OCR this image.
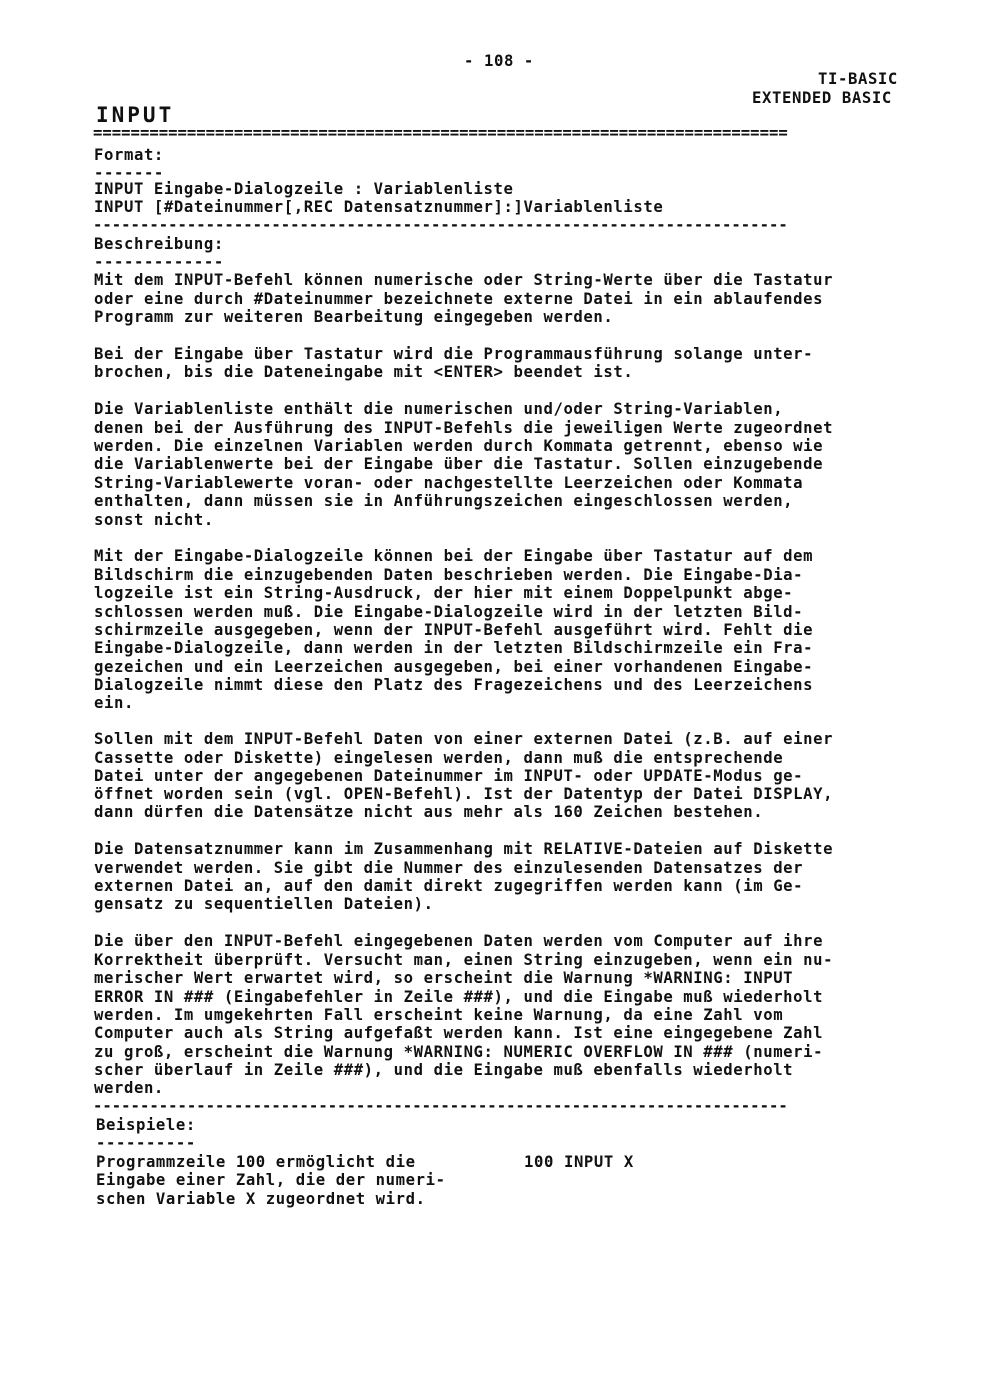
- 108 -
TI-BASIC
EXTENDED BASIC
INPUT
==========================================================================
Format:
-------
INPUT Eingabe-Dialogzeile : Variablenliste
INPUT [#Dateinummer[,REC Datensatznummer]:]Variablenliste
--------------------------------------------------------------------------
Beschreibung:
-------------
Mit dem INPUT-Befehl können numerische oder String-Werte über die Tastatur
oder eine durch #Dateinummer bezeichnete externe Datei in ein ablaufendes
Programm zur weiteren Bearbeitung eingegeben werden.
Bei der Eingabe über Tastatur wird die Programmausführung solange unter-
brochen, bis die Dateneingabe mit <ENTER> beendet ist.
Die Variablenliste enthält die numerischen und/oder String-Variablen,
denen bei der Ausführung des INPUT-Befehls die jeweiligen Werte zugeordnet
werden. Die einzelnen Variablen werden durch Kommata getrennt, ebenso wie
die Variablenwerte bei der Eingabe über die Tastatur. Sollen einzugebende
String-Variablewerte voran- oder nachgestellte Leerzeichen oder Kommata
enthalten, dann müssen sie in Anführungszeichen eingeschlossen werden,
sonst nicht.
Mit der Eingabe-Dialogzeile können bei der Eingabe über Tastatur auf dem
Bildschirm die einzugebenden Daten beschrieben werden. Die Eingabe-Dia-
logzeile ist ein String-Ausdruck, der hier mit einem Doppelpunkt abge-
schlossen werden muß. Die Eingabe-Dialogzeile wird in der letzten Bild-
schirmzeile ausgegeben, wenn der INPUT-Befehl ausgeführt wird. Fehlt die
Eingabe-Dialogzeile, dann werden in der letzten Bildschirmzeile ein Fra-
gezeichen und ein Leerzeichen ausgegeben, bei einer vorhandenen Eingabe-
Dialogzeile nimmt diese den Platz des Fragezeichens und des Leerzeichens
ein.
Sollen mit dem INPUT-Befehl Daten von einer externen Datei (z.B. auf einer
Cassette oder Diskette) eingelesen werden, dann muß die entsprechende
Datei unter der angegebenen Dateinummer im INPUT- oder UPDATE-Modus ge-
öffnet worden sein (vgl. OPEN-Befehl). Ist der Datentyp der Datei DISPLAY,
dann dürfen die Datensätze nicht aus mehr als 160 Zeichen bestehen.
Die Datensatznummer kann im Zusammenhang mit RELATIVE-Dateien auf Diskette
verwendet werden. Sie gibt die Nummer des einzulesenden Datensatzes der
externen Datei an, auf den damit direkt zugegriffen werden kann (im Ge-
gensatz zu sequentiellen Dateien).
Die über den INPUT-Befehl eingegebenen Daten werden vom Computer auf ihre
Korrektheit überprüft. Versucht man, einen String einzugeben, wenn ein nu-
merischer Wert erwartet wird, so erscheint die Warnung *WARNING: INPUT
ERROR IN ### (Eingabefehler in Zeile ###), und die Eingabe muß wiederholt
werden. Im umgekehrten Fall erscheint keine Warnung, da eine Zahl vom
Computer auch als String aufgefaßt werden kann. Ist eine eingegebene Zahl
zu groß, erscheint die Warnung *WARNING: NUMERIC OVERFLOW IN ### (numeri-
scher überlauf in Zeile ###), und die Eingabe muß ebenfalls wiederholt
werden.
--------------------------------------------------------------------------
Beispiele:
----------
Programmzeile 100 ermöglicht die
Eingabe einer Zahl, die der numeri-
schen Variable X zugeordnet wird.
100 INPUT X
